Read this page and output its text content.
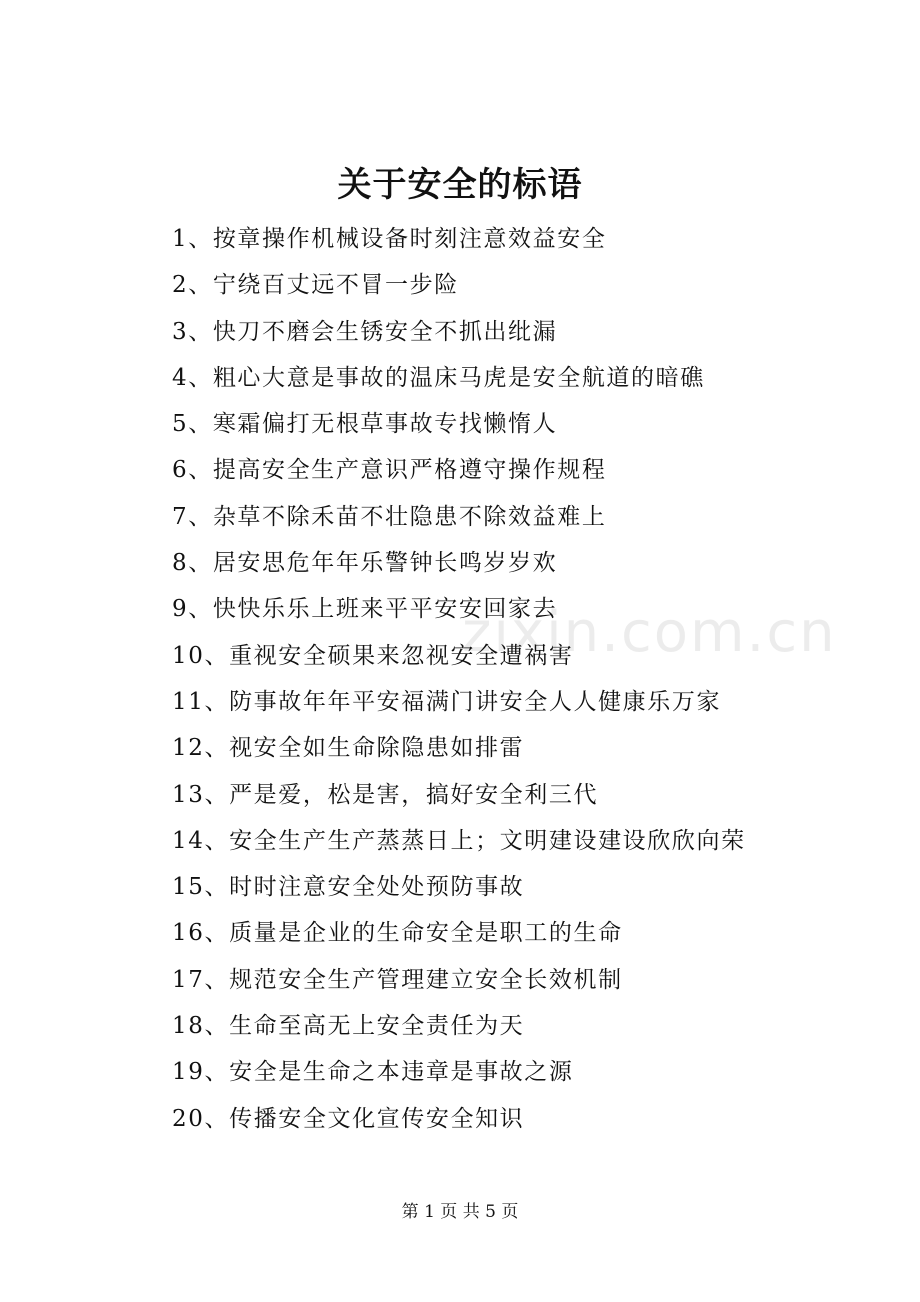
关于安全的标语
1、按章操作机械设备时刻注意效益安全
2、宁绕百丈远不冒一步险
3、快刀不磨会生锈安全不抓出纰漏
4、粗心大意是事故的温床马虎是安全航道的暗礁
5、寒霜偏打无根草事故专找懒惰人
6、提高安全生产意识严格遵守操作规程
7、杂草不除禾苗不壮隐患不除效益难上
8、居安思危年年乐警钟长鸣岁岁欢
9、快快乐乐上班来平平安安回家去
10、重视安全硕果来忽视安全遭祸害
11、防事故年年平安福满门讲安全人人健康乐万家
12、视安全如生命除隐患如排雷
13、严是爱，松是害，搞好安全利三代
14、安全生产生产蒸蒸日上；文明建设建设欣欣向荣
15、时时注意安全处处预防事故
16、质量是企业的生命安全是职工的生命
17、规范安全生产管理建立安全长效机制
18、生命至高无上安全责任为天
19、安全是生命之本违章是事故之源
20、传播安全文化宣传安全知识
zixin.com.cn
第 1 页 共 5 页
